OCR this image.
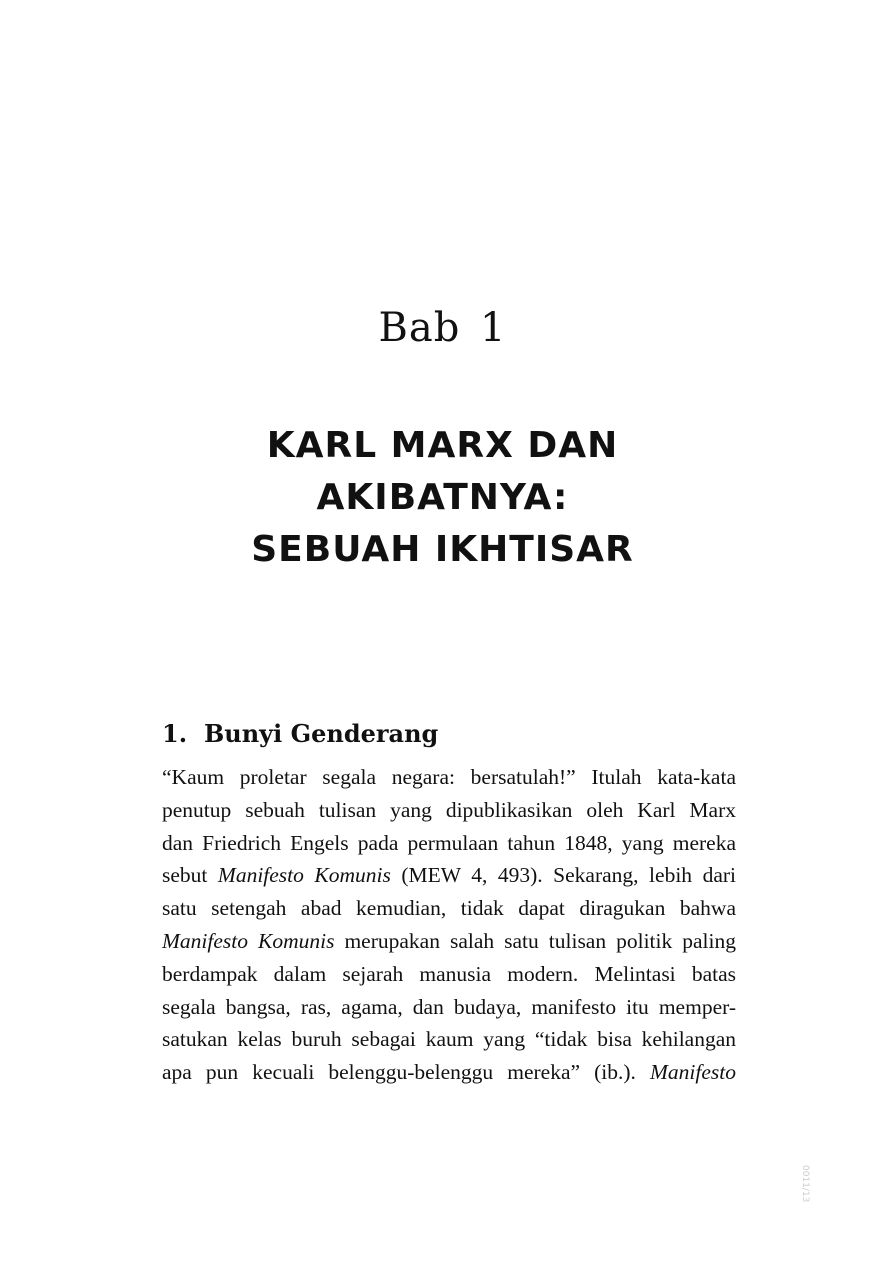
Bab 1
KARL MARX DAN
AKIBATNYA:
SEBUAH IKHTISAR
1. Bunyi Genderang
“Kaum proletar segala negara: bersatulah!” Itulah kata-kata
penutup sebuah tulisan yang dipublikasikan oleh Karl Marx
dan Friedrich Engels pada permulaan tahun 1848, yang mereka
sebut Manifesto Komunis (MEW 4, 493). Sekarang, lebih dari
satu setengah abad kemudian, tidak dapat diragukan bahwa
Manifesto Komunis merupakan salah satu tulisan politik paling
berdampak dalam sejarah manusia modern. Melintasi batas
segala bangsa, ras, agama, dan budaya, manifesto itu memper-
satukan kelas buruh sebagai kaum yang “tidak bisa kehilangan
apa pun kecuali belenggu-belenggu mereka” (ib.). Manifesto
0011/13
